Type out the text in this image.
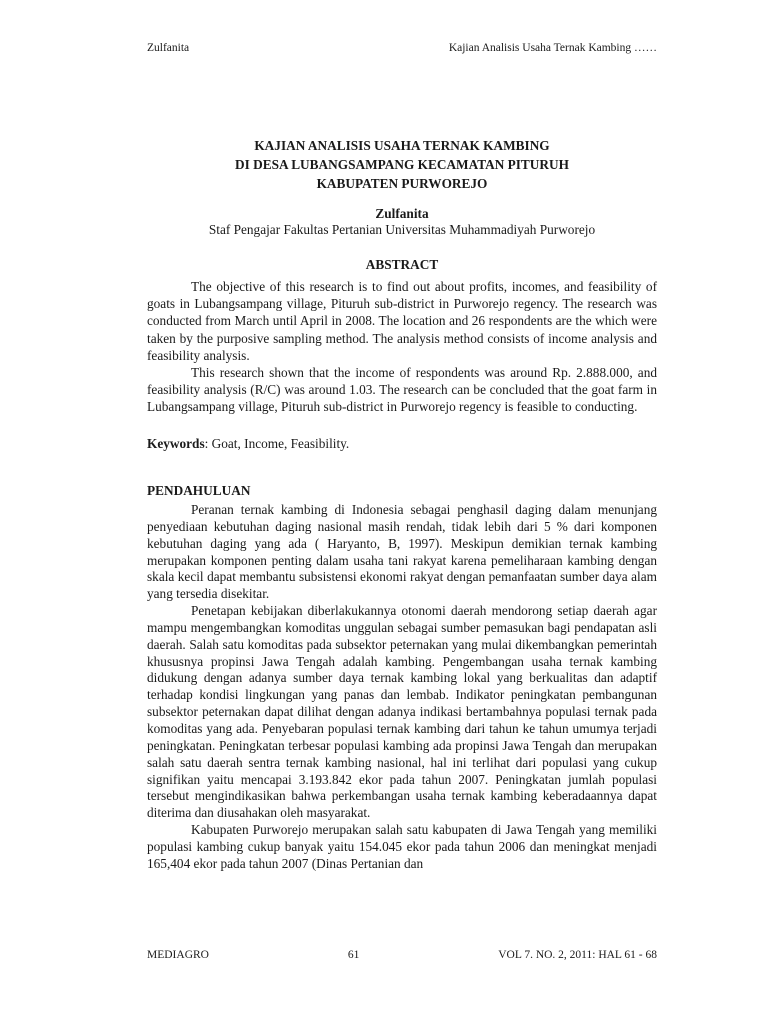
Zulfanita	Kajian Analisis Usaha Ternak Kambing ……
KAJIAN ANALISIS USAHA TERNAK KAMBING
DI DESA LUBANGSAMPANG KECAMATAN PITURUH
KABUPATEN PURWOREJO
Zulfanita
Staf Pengajar Fakultas Pertanian Universitas Muhammadiyah Purworejo
ABSTRACT

The objective of this research is to find out about profits, incomes, and feasibility of goats in Lubangsampang village, Pituruh sub-district in Purworejo regency. The research was conducted from March until April in 2008. The location and 26 respondents are the which were taken by the purposive sampling method. The analysis method consists of income analysis and feasibility analysis.

This research shown that the income of respondents was around Rp. 2.888.000, and feasibility analysis (R/C) was around 1.03. The research can be concluded that the goat farm in Lubangsampang village, Pituruh sub-district in Purworejo regency is feasible to conducting.

Keywords: Goat, Income, Feasibility.
PENDAHULUAN

Peranan ternak kambing di Indonesia sebagai penghasil daging dalam menunjang penyediaan kebutuhan daging nasional masih rendah, tidak lebih dari 5 % dari komponen kebutuhan daging yang ada ( Haryanto, B, 1997). Meskipun demikian ternak kambing merupakan komponen penting dalam usaha tani rakyat karena pemeliharaan kambing dengan skala kecil dapat membantu subsistensi ekonomi rakyat dengan pemanfaatan sumber daya alam yang tersedia disekitar.

Penetapan kebijakan diberlakukannya otonomi daerah mendorong setiap daerah agar mampu mengembangkan komoditas unggulan sebagai sumber pemasukan bagi pendapatan asli daerah. Salah satu komoditas pada subsektor peternakan yang mulai dikembangkan pemerintah khususnya propinsi Jawa Tengah adalah kambing. Pengembangan usaha ternak kambing didukung dengan adanya sumber daya ternak kambing lokal yang berkualitas dan adaptif terhadap kondisi lingkungan yang panas dan lembab. Indikator peningkatan pembangunan subsektor peternakan dapat dilihat dengan adanya indikasi bertambahnya populasi ternak pada komoditas yang ada. Penyebaran populasi ternak kambing dari tahun ke tahun umumya terjadi peningkatan. Peningkatan terbesar populasi kambing ada propinsi Jawa Tengah dan merupakan salah satu daerah sentra ternak kambing nasional, hal ini terlihat dari populasi yang cukup signifikan yaitu mencapai 3.193.842 ekor pada tahun 2007. Peningkatan jumlah populasi tersebut mengindikasikan bahwa perkembangan usaha ternak kambing keberadaannya dapat diterima dan diusahakan oleh masyarakat.

Kabupaten Purworejo merupakan salah satu kabupaten di Jawa Tengah yang memiliki populasi kambing cukup banyak yaitu 154.045 ekor pada tahun 2006 dan meningkat menjadi 165,404 ekor pada tahun 2007 (Dinas Pertanian dan

MEDIAGRO	61	VOL 7. NO. 2, 2011: HAL 61 - 68
